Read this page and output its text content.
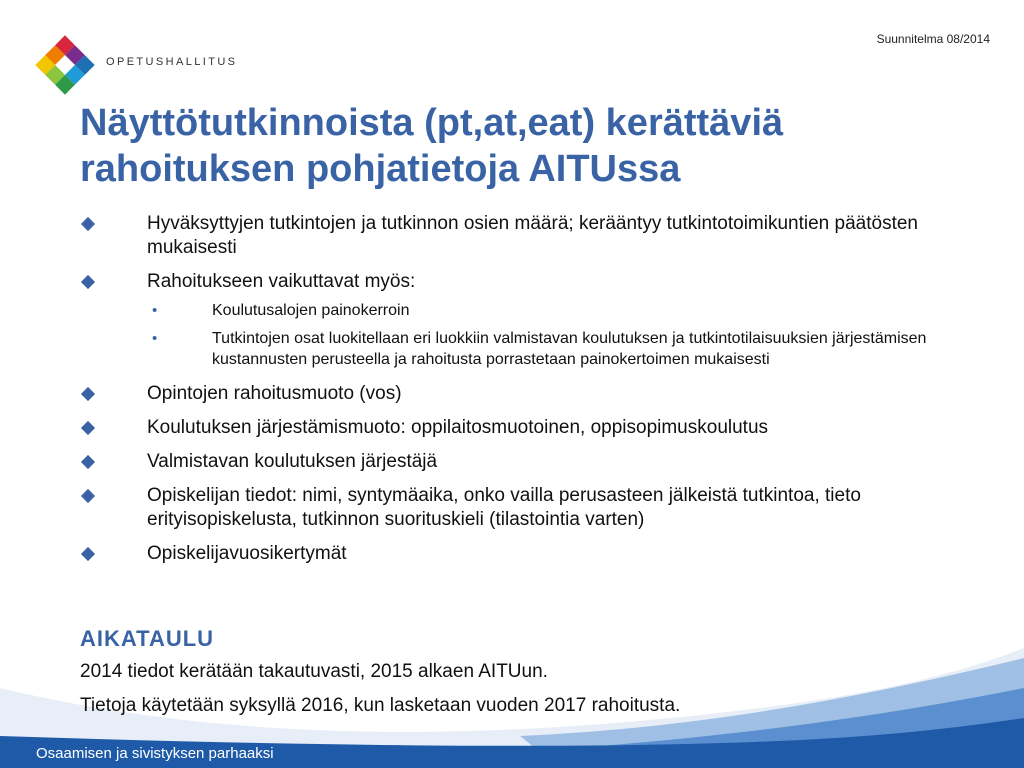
OPETUSHALLITUS
Suunnitelma 08/2014
Näyttötutkinnoista (pt,at,eat) kerättäviä rahoituksen pohjatietoja AITUssa
Hyväksyttyjen tutkintojen ja tutkinnon osien määrä; kerääntyy tutkintotoimikuntien päätösten mukaisesti
Rahoitukseen vaikuttavat myös:
•	Koulutusalojen painokerroin
•	Tutkintojen osat luokitellaan eri luokkiin valmistavan koulutuksen ja tutkintotilaisuuksien järjestämisen kustannusten perusteella ja rahoitusta porrastetaan painokertoimen mukaisesti
Opintojen rahoitusmuoto (vos)
Koulutuksen järjestämismuoto: oppilaitosmuotoinen, oppisopimuskoulutus
Valmistavan koulutuksen järjestäjä
Opiskelijan tiedot: nimi, syntymäaika, onko vailla perusasteen jälkeistä tutkintoa, tieto erityisopiskelusta, tutkinnon suorituskieli (tilastointia varten)
Opiskelijavuosikertymät
AIKATAULU
2014 tiedot kerätään takautuvasti, 2015 alkaen AITUun.
Tietoja käytetään syksyllä 2016, kun lasketaan vuoden 2017 rahoitusta.
Osaamisen ja sivistyksen parhaaksi
